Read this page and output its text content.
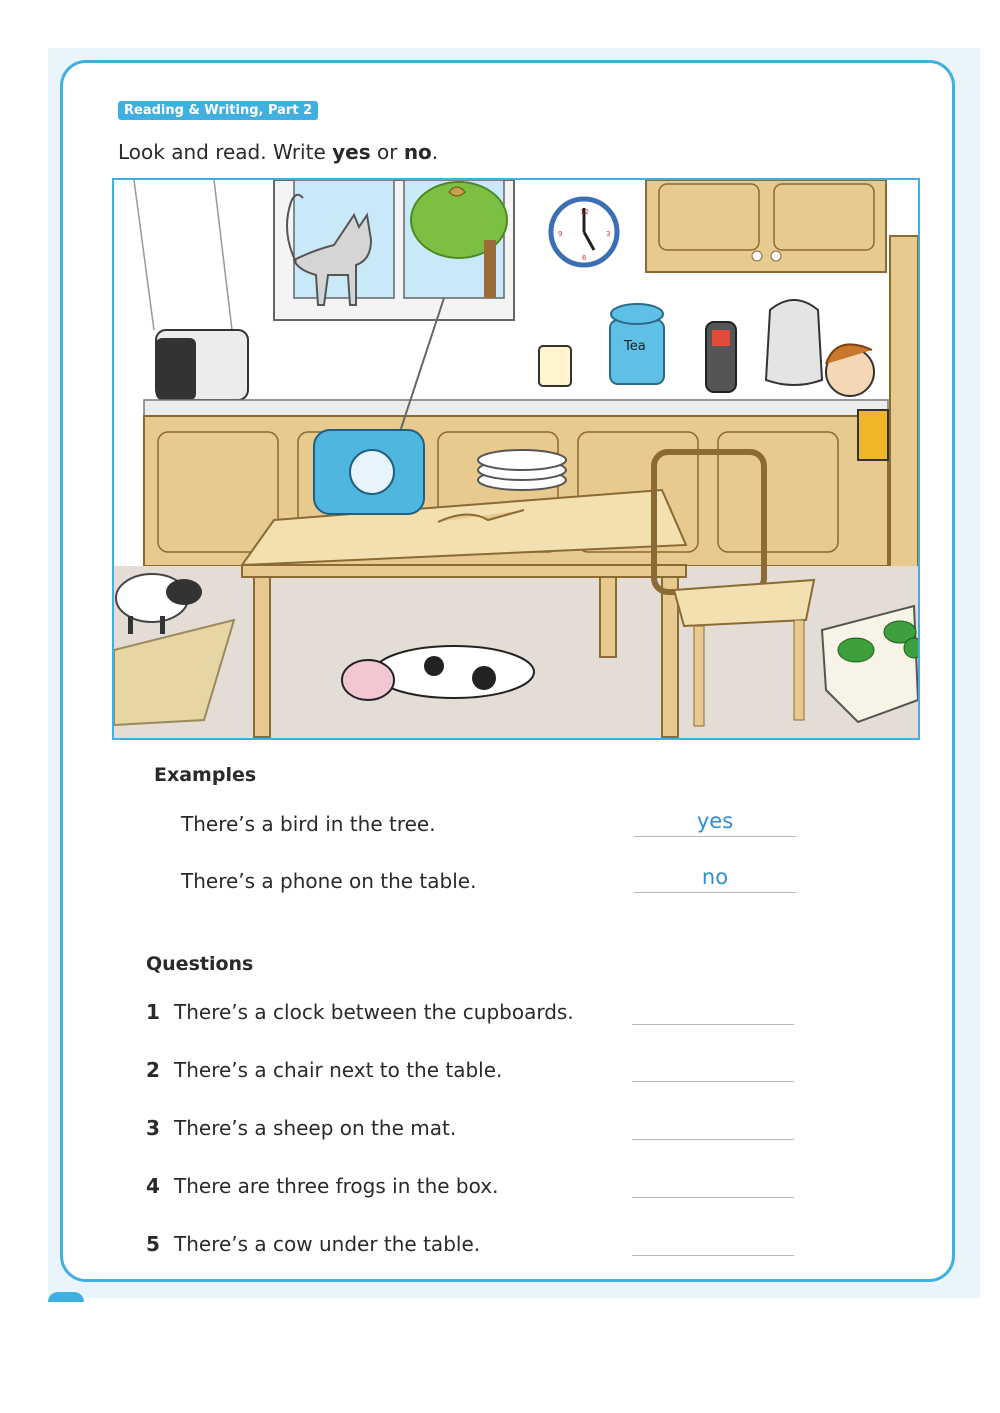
Reading & Writing, Part 2
Look and read. Write yes or no.
12
3
6
9
Tea
Examples
There’s a bird in the tree.	yes
There’s a phone on the table.	no
Questions
1 There’s a clock between the cupboards.
2 There’s a chair next to the table.
3 There’s a sheep on the mat.
4 There are three frogs in the box.
5 There’s a cow under the table.
